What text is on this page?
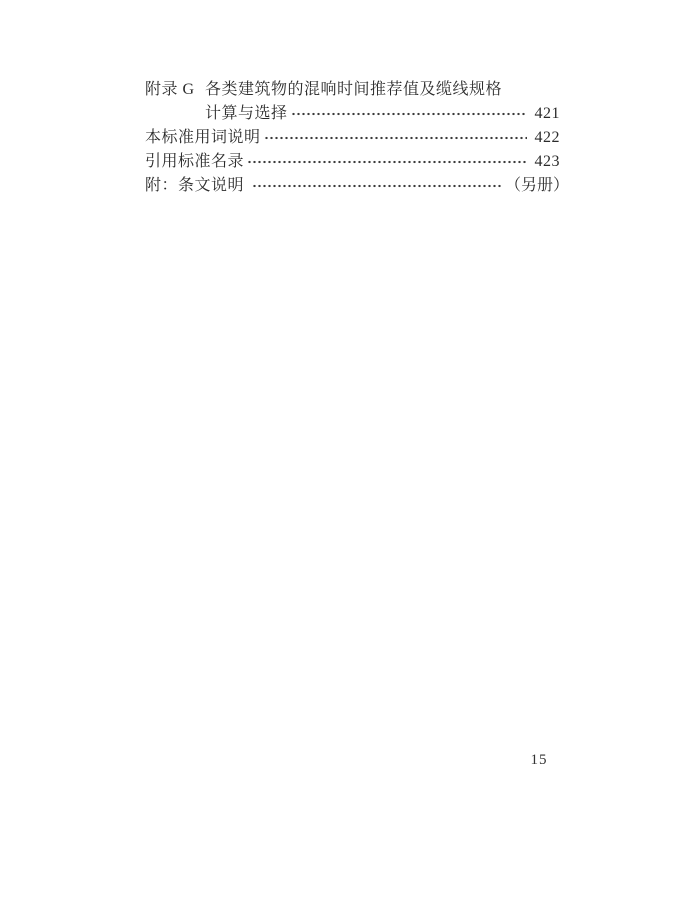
附录 G 各类建筑物的混响时间推荐值及缆线规格
计算与选择	421
本标准用词说明	422
引用标准名录	423
附：条文说明	（另册）
15
